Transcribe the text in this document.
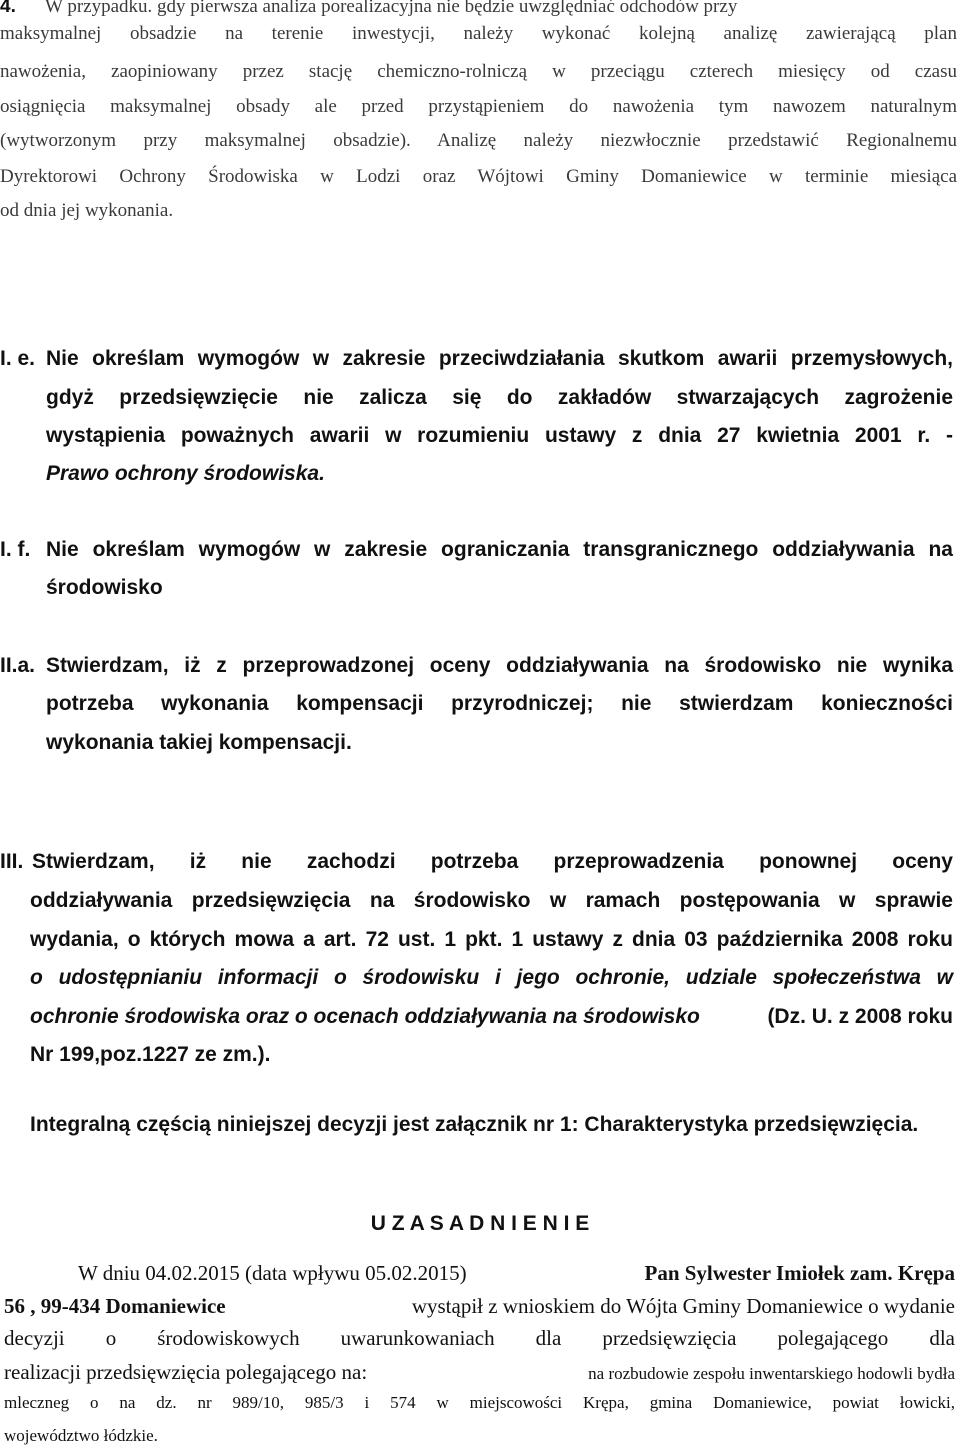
4. W przypadku. gdy pierwsza analiza porealizacyjna nie będzie uwzględniać odchodów przy
maksymalnej obsadzie na terenie inwestycji, należy wykonać kolejną analizę zawierającą plan
nawożenia, zaopiniowany przez stację chemiczno-rolniczą w przeciągu czterech miesięcy od czasu
osiągnięcia maksymalnej obsady ale przed przystąpieniem do nawożenia tym nawozem naturalnym
(wytworzonym przy maksymalnej obsadzie). Analizę należy niezwłocznie przedstawić Regionalnemu
Dyrektorowi Ochrony Środowiska w Lodzi oraz Wójtowi Gminy Domaniewice w terminie miesiąca
od dnia jej wykonania.
I. e. Nie określam wymogów w zakresie przeciwdziałania skutkom awarii przemysłowych,
gdyż przedsięwzięcie nie zalicza się do zakładów stwarzających zagrożenie
wystąpienia poważnych awarii w rozumieniu ustawy z dnia 27 kwietnia 2001 r. -
Prawo ochrony środowiska.
I. f. Nie określam wymogów w zakresie ograniczania transgranicznego oddziaływania na
środowisko
II.a. Stwierdzam, iż z przeprowadzonej oceny oddziaływania na środowisko nie wynika
potrzeba wykonania kompensacji przyrodniczej; nie stwierdzam konieczności
wykonania takiej kompensacji.
III. Stwierdzam, iż nie zachodzi potrzeba przeprowadzenia ponownej oceny
oddziaływania przedsięwzięcia na środowisko w ramach postępowania w sprawie
wydania, o których mowa a art. 72 ust. 1 pkt. 1 ustawy z dnia 03 października 2008 roku
o udostępnianiu informacji o środowisku i jego ochronie, udziale społeczeństwa w
ochronie środowiska oraz o ocenach oddziaływania na środowisko	(Dz. U. z 2008 roku
Nr 199,poz.1227 ze zm.).
Integralną częścią niniejszej decyzji jest załącznik nr 1: Charakterystyka przedsięwzięcia.
U Z A S A D N I E N I E
W dniu 04.02.2015 (data wpływu 05.02.2015)	Pan Sylwester Imiołek zam. Krępa
56 , 99-434 Domaniewice	wystąpił z wnioskiem do Wójta Gminy Domaniewice o wydanie
decyzji o środowiskowych uwarunkowaniach dla przedsięwzięcia polegającego dla
realizacji przedsięwzięcia polegającego na:	na rozbudowie zespołu inwentarskiego hodowli bydła
mleczneg o na dz. nr 989/10, 985/3 i 574 w miejscowości Krępa, gmina Domaniewice, powiat łowicki,
województwo łódzkie.
